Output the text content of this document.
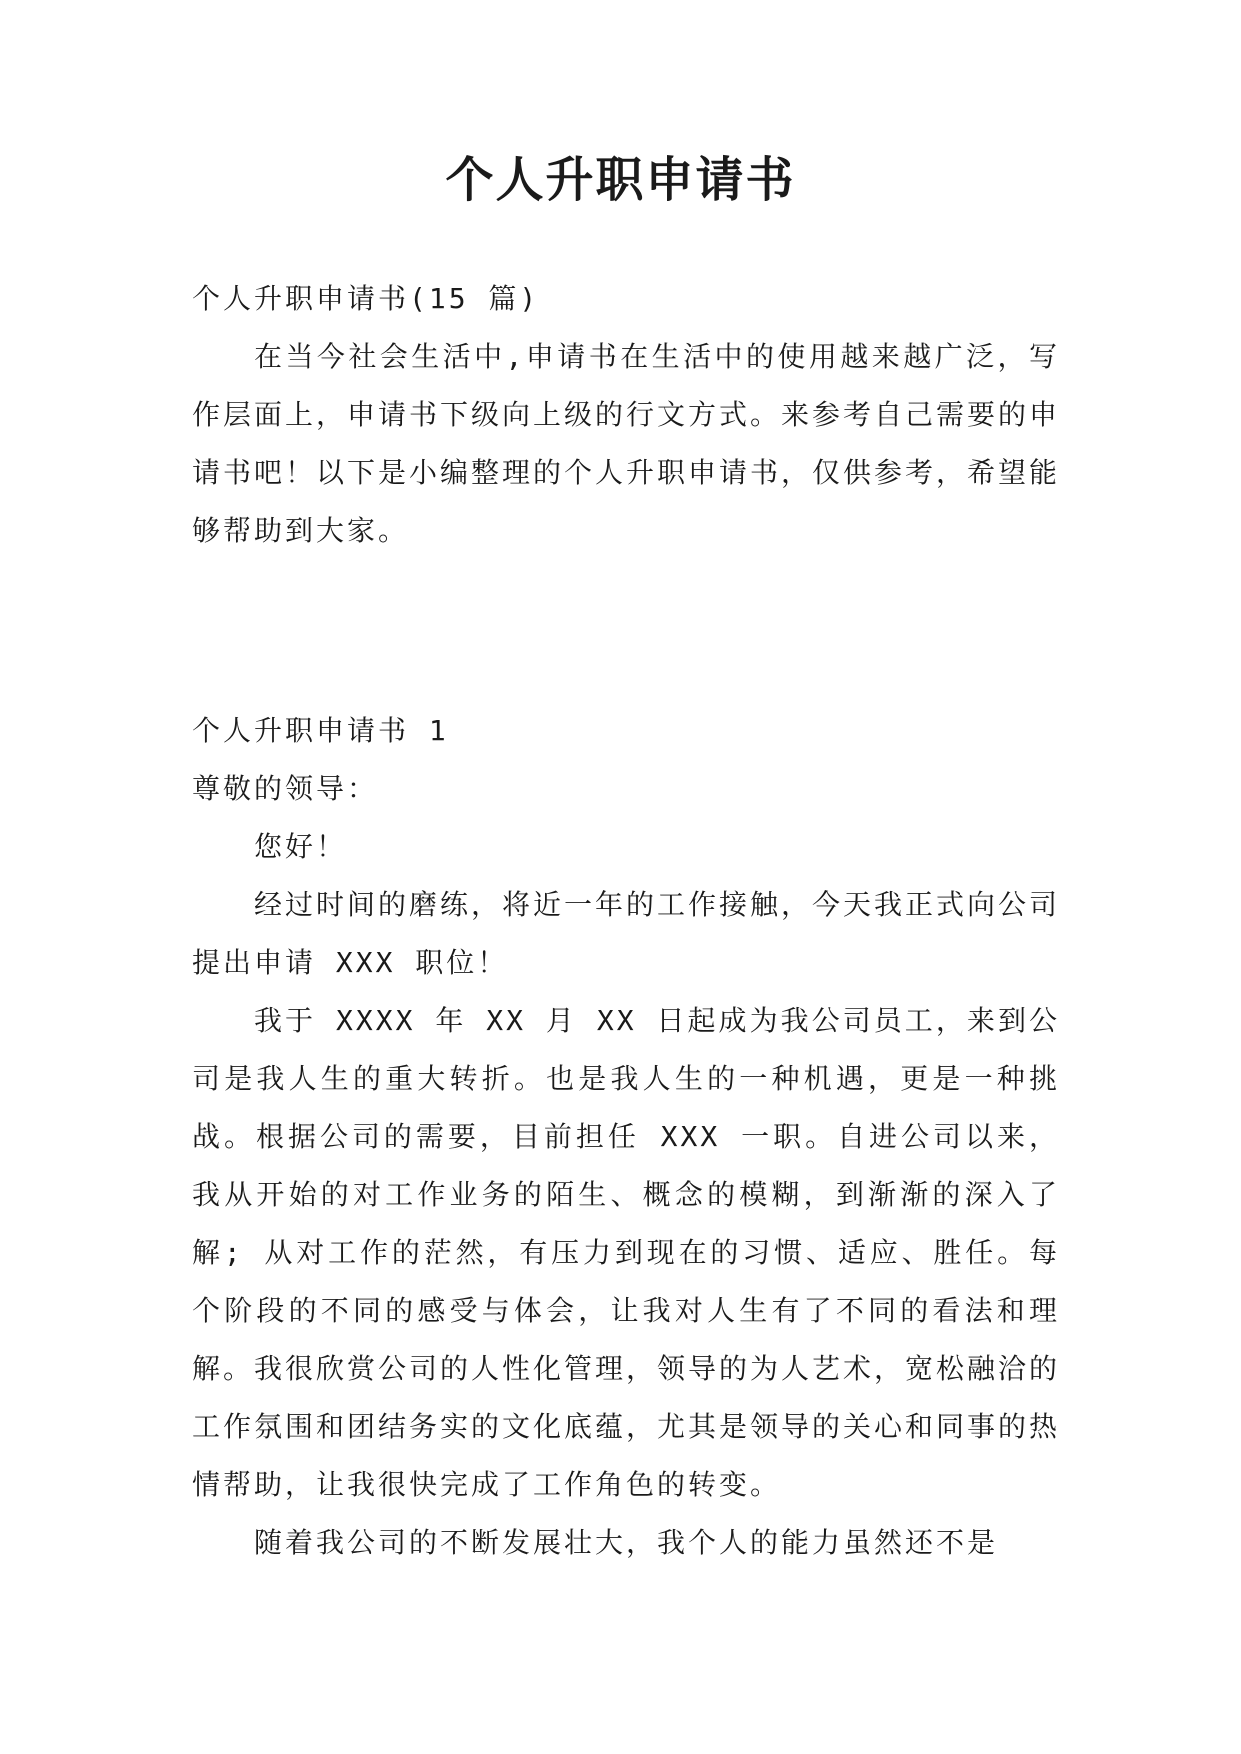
个人升职申请书

个人升职申请书(15 篇)

在当今社会生活中,申请书在生活中的使用越来越广泛，写作层面上，申请书下级向上级的行文方式。来参考自己需要的申请书吧！以下是小编整理的个人升职申请书，仅供参考，希望能够帮助到大家。

个人升职申请书 1

尊敬的领导：

您好！

经过时间的磨练，将近一年的工作接触，今天我正式向公司提出申请 XXX 职位！

我于 XXXX 年 XX 月 XX 日起成为我公司员工，来到公司是我人生的重大转折。也是我人生的一种机遇，更是一种挑战。根据公司的需要，目前担任 XXX 一职。自进公司以来，我从开始的对工作业务的陌生、概念的模糊，到渐渐的深入了解; 从对工作的茫然，有压力到现在的习惯、适应、胜任。每个阶段的不同的感受与体会，让我对人生有了不同的看法和理解。我很欣赏公司的人性化管理，领导的为人艺术，宽松融洽的工作氛围和团结务实的文化底蕴，尤其是领导的关心和同事的热情帮助，让我很快完成了工作角色的转变。

随着我公司的不断发展壮大，我个人的能力虽然还不是
